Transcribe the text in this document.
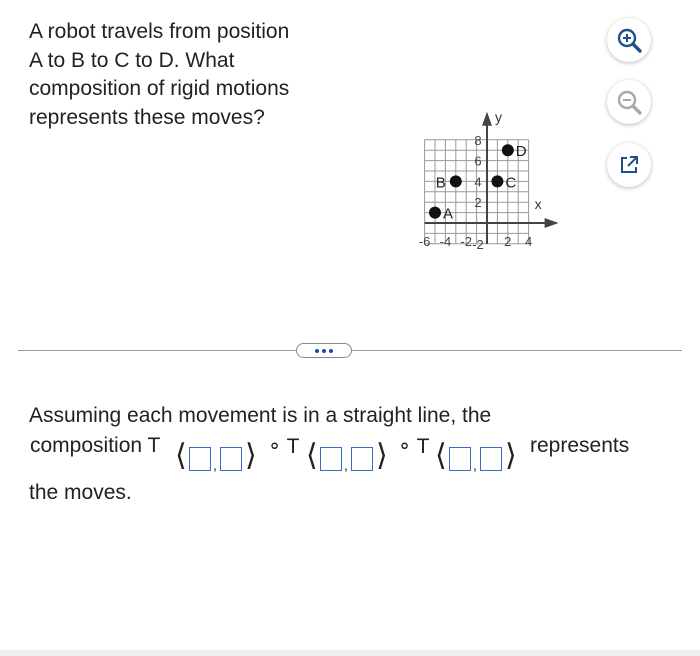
A robot travels from position A to B to C to D. What composition of rigid motions represents these moves?
x
y
-6 -4 -2 2 4
8
6
4
2
-2
A
B	C
D
Assuming each movement is in a straight line, the
composition T ⟨ , ⟩ ∘ T ⟨ , ⟩ ∘ T ⟨ , ⟩ represents
the moves.
